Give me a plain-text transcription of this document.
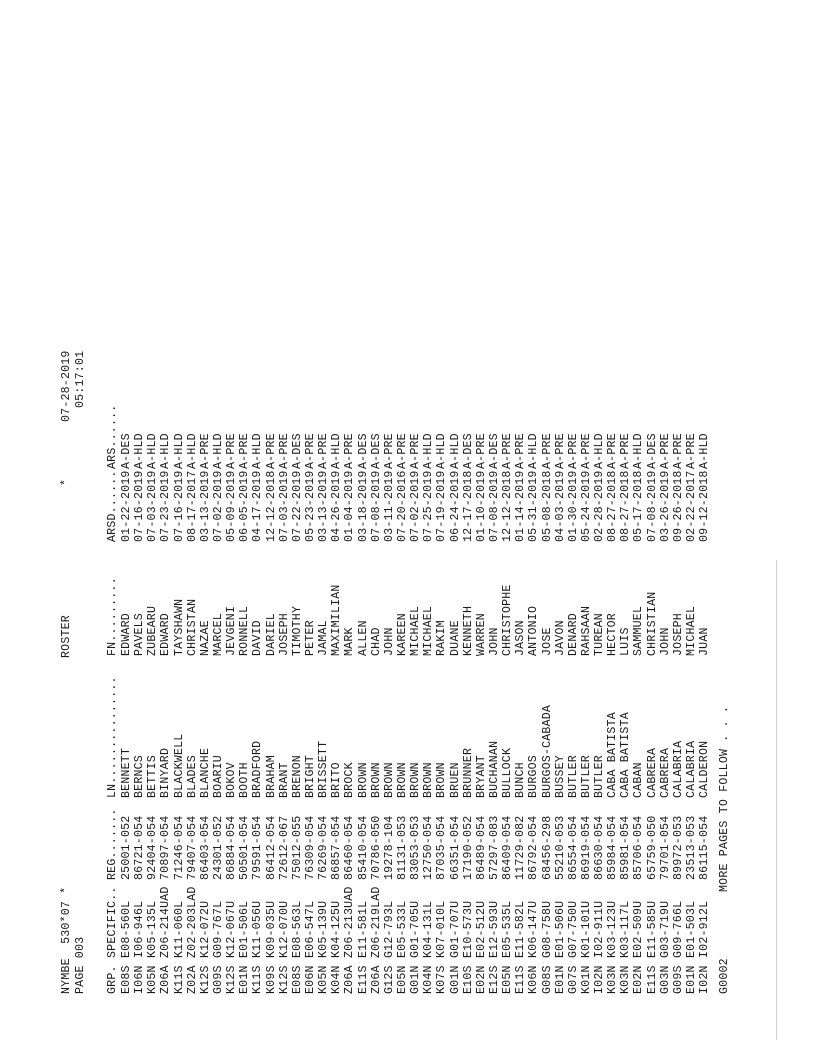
NYMBE  530*07 * PAGE 003
ROSTER
*
07-28-2019 05:17:01

GRP.

SPECIFIC..

REG.......

LN...............

FN.........

ARSD......

ARS......

E08S
E08-560L
25001-052
BENNETT
EDWARD
01-22-2019
A-DES
I06N
I06-946L
86721-054
BERNCS
PAVELS
07-16-2019
A-HLD
K05N
K05-135L
92404-054
BETTIS
ZUBEARU
07-03-2019
A-HLD
Z06A
Z06-214UAD
70897-054
BINYARD
EDWARD
07-23-2019
A-HLD
K11S
K11-060L
71246-054
BLACKWELL
TAYSHAWN
07-16-2019
A-HLD
Z02A
Z02-203LAD
79407-054
BLADES
CHRISTAN
08-17-2017
A-HLD
K12S
K12-072U
86403-054
BLANCHE
NAZAE
03-13-2019
A-PRE
G09S
G09-767L
24301-052
BOARIU
MARCEL
07-02-2019
A-HLD
K12S
K12-067U
86884-054
BOKOV
JEVGENI
05-09-2019
A-PRE
E01N
E01-506L
50501-054
BOOTH
RONNELL
06-05-2019
A-PRE
K11S
K11-056U
79591-054
BRADFORD
DAVID
04-17-2019
A-HLD
K09S
K09-035U
86412-054
BRAHAM
DARIEL
12-12-2018
A-PRE
K12S
K12-070U
72612-067
BRANT
JOSEPH
07-03-2019
A-PRE
E08S
E08-563L
75012-055
BRENON
TIMOTHY
07-22-2019
A-DES
E06N
E06-547L
76309-054
BRIGHT
PETER
05-23-2019
A-PRE
K05N
K05-139U
76269-054
BRISSETT
JAMAL
03-13-2019
A-PRE
K04N
K04-125U
86857-054
BRITO
MAXIMILIAN
04-26-2019
A-HLD
Z06A
Z06-213UAD
86460-054
BROCK
MARK
01-04-2019
A-PRE
E11S
E11-581L
85410-054
BROWN
ALLEN
03-18-2019
A-DES
Z06A
Z06-219LAD
70786-050
BROWN
CHAD
07-08-2019
A-DES
G12S
G12-793L
19278-104
BROWN
JOHN
03-11-2019
A-PRE
E05N
E05-533L
81131-053
BROWN
KAREEN
07-20-2016
A-PRE
G01N
G01-705U
83053-053
BROWN
MICHAEL
07-02-2019
A-PRE
K04N
K04-131L
12750-054
BROWN
MICHAEL
07-25-2019
A-HLD
K07S
K07-010L
87035-054
BROWN
RAKIM
07-19-2019
A-HLD
G01N
G01-707U
66351-054
BRUEN
DUANE
06-24-2019
A-HLD
E10S
E10-573U
17190-052
BRUNNER
KENNETH
12-17-2018
A-DES
E02N
E02-512U
86489-054
BRYANT
WARREN
01-10-2019
A-PRE
E12S
E12-593U
57297-083
BUCHANAN
JOHN
07-08-2019
A-DES
E05N
E05-535L
86409-054
BULLOCK
CHRISTOPHE
12-12-2018
A-PRE
E11S
E11-582L
11729-082
BUNCH
JASON
01-14-2019
A-PRE
K06N
K06-147U
86792-054
BURGOS
ANTONIO
05-31-2019
A-HLD
G08S
G08-758U
68456-298
BURGOS-CABADA
JOSE
05-08-2018
A-PRE
E01N
E01-506U
55210-053
BUSSEY
JAVON
04-03-2019
A-PRE
G07S
G07-750U
86554-054
BUTLER
DENARD
01-30-2019
A-PRE
K01N
K01-101U
86919-054
BUTLER
RAHSAAN
05-24-2019
A-PRE
I02N
I02-911U
86630-054
BUTLER
TUREAN
02-28-2019
A-HLD
K03N
K03-123U
85984-054
CABA BATISTA
HECTOR
08-27-2018
A-PRE
K03N
K03-117L
85981-054
CABA BATISTA
LUIS
08-27-2018
A-PRE
E02N
E02-509U
85706-054
CABAN
SAMMUEL
05-17-2018
A-HLD
E11S
E11-585U
65759-050
CABRERA
CHRISTIAN
07-08-2019
A-DES
G03N
G03-719U
79701-054
CABRERA
JOHN
03-26-2019
A-PRE
G09S
G09-766L
89972-053
CALABRIA
JOSEPH
09-26-2018
A-PRE
E01N
E01-503L
23513-053
CALABRIA
MICHAEL
02-22-2017
A-PRE
I02N
I02-912L
86115-054
CALDERON
JUAN
09-12-2018
A-HLD
G0002
MORE PAGES TO FOLLOW . . .
